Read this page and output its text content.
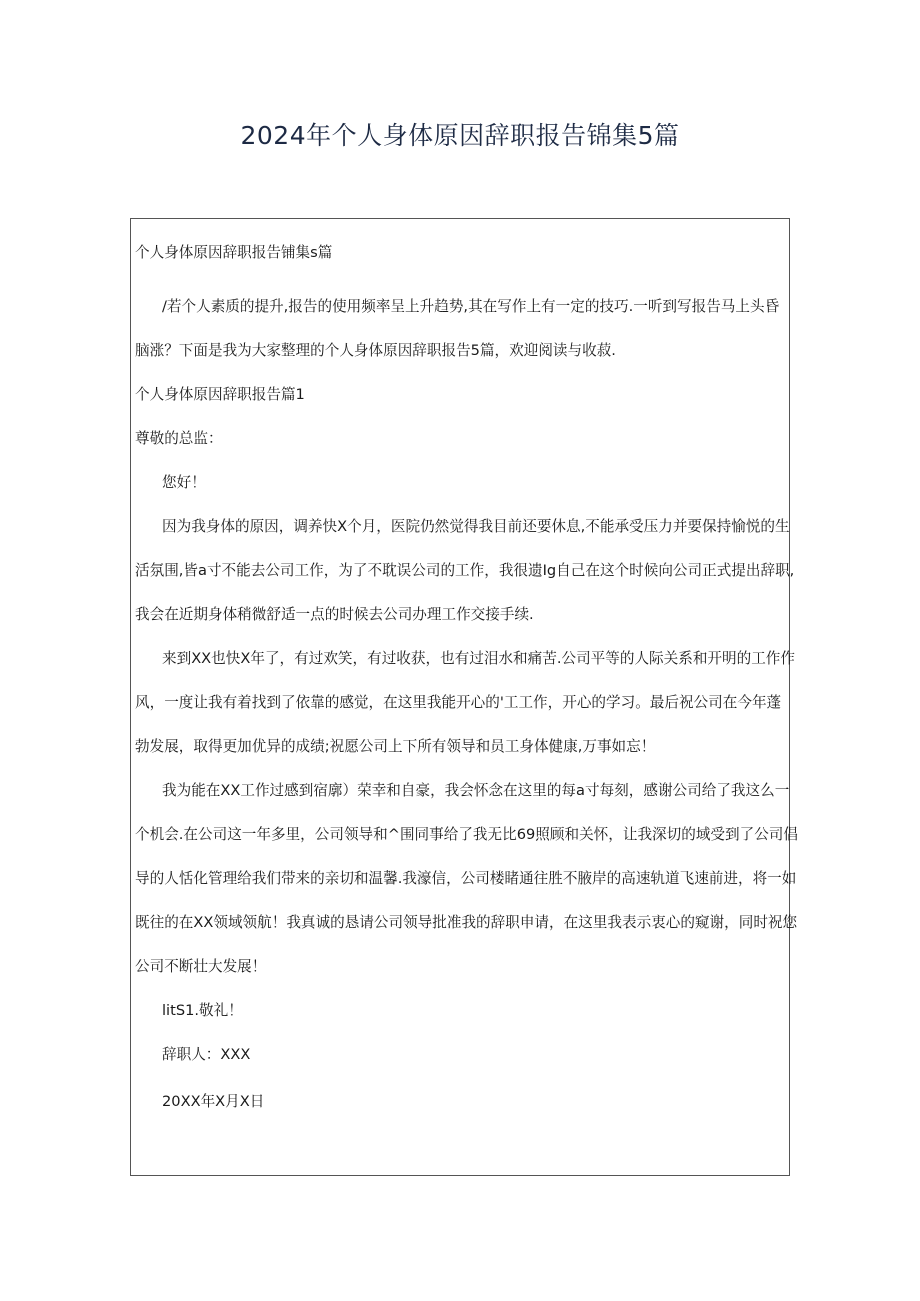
2024年个人身体原因辞职报告锦集5篇

个人身体原因辞职报告铺集s篇

/若个人素质的提升,报告的使用频率呈上升趋势,其在写作上有一定的技巧.一听到写报告马上头昏

脑涨？下面是我为大家整理的个人身体原因辞职报告5篇，欢迎阅读与收菽.

个人身体原因辞职报告篇1

尊敬的总监：

您好！

因为我身体的原因，调养快X个月，医院仍然觉得我目前还要休息,不能承受压力并要保持愉悦的生

活氛围,皆a寸不能去公司工作，为了不耽误公司的工作，我很遗Ig自己在这个时候向公司正式提出辞职,

我会在近期身体稍微舒适一点的时候去公司办理工作交接手续.

来到XX也快X年了，有过欢笑，有过收获，也有过泪水和痛苦.公司平等的人际关系和开明的工作作

风，一度让我有着找到了依靠的感觉，在这里我能开心的'工工作，开心的学习。最后祝公司在今年蓬

勃发展，取得更加优异的成绩;祝愿公司上下所有领导和员工身体健康,万事如忘！

我为能在XX工作过感到宿廓）荣幸和自豪，我会怀念在这里的每a寸每刻，感谢公司给了我这么一

个机会.在公司这一年多里，公司领导和^围同事给了我无比69照顾和关怀，让我深切的域受到了公司倡

导的人恬化管理给我们带来的亲切和温馨.我濠信，公司楼睹通往胜不腋岸的高速轨道飞速前进，将一如

既往的在XX领域领航！我真诚的恳请公司领导批准我的辞职申请，在这里我表示衷心的窥谢，同时祝您

公司不断壮大发展！

litS1.敬礼！

辞职人：XXX

20XX年X月X日
